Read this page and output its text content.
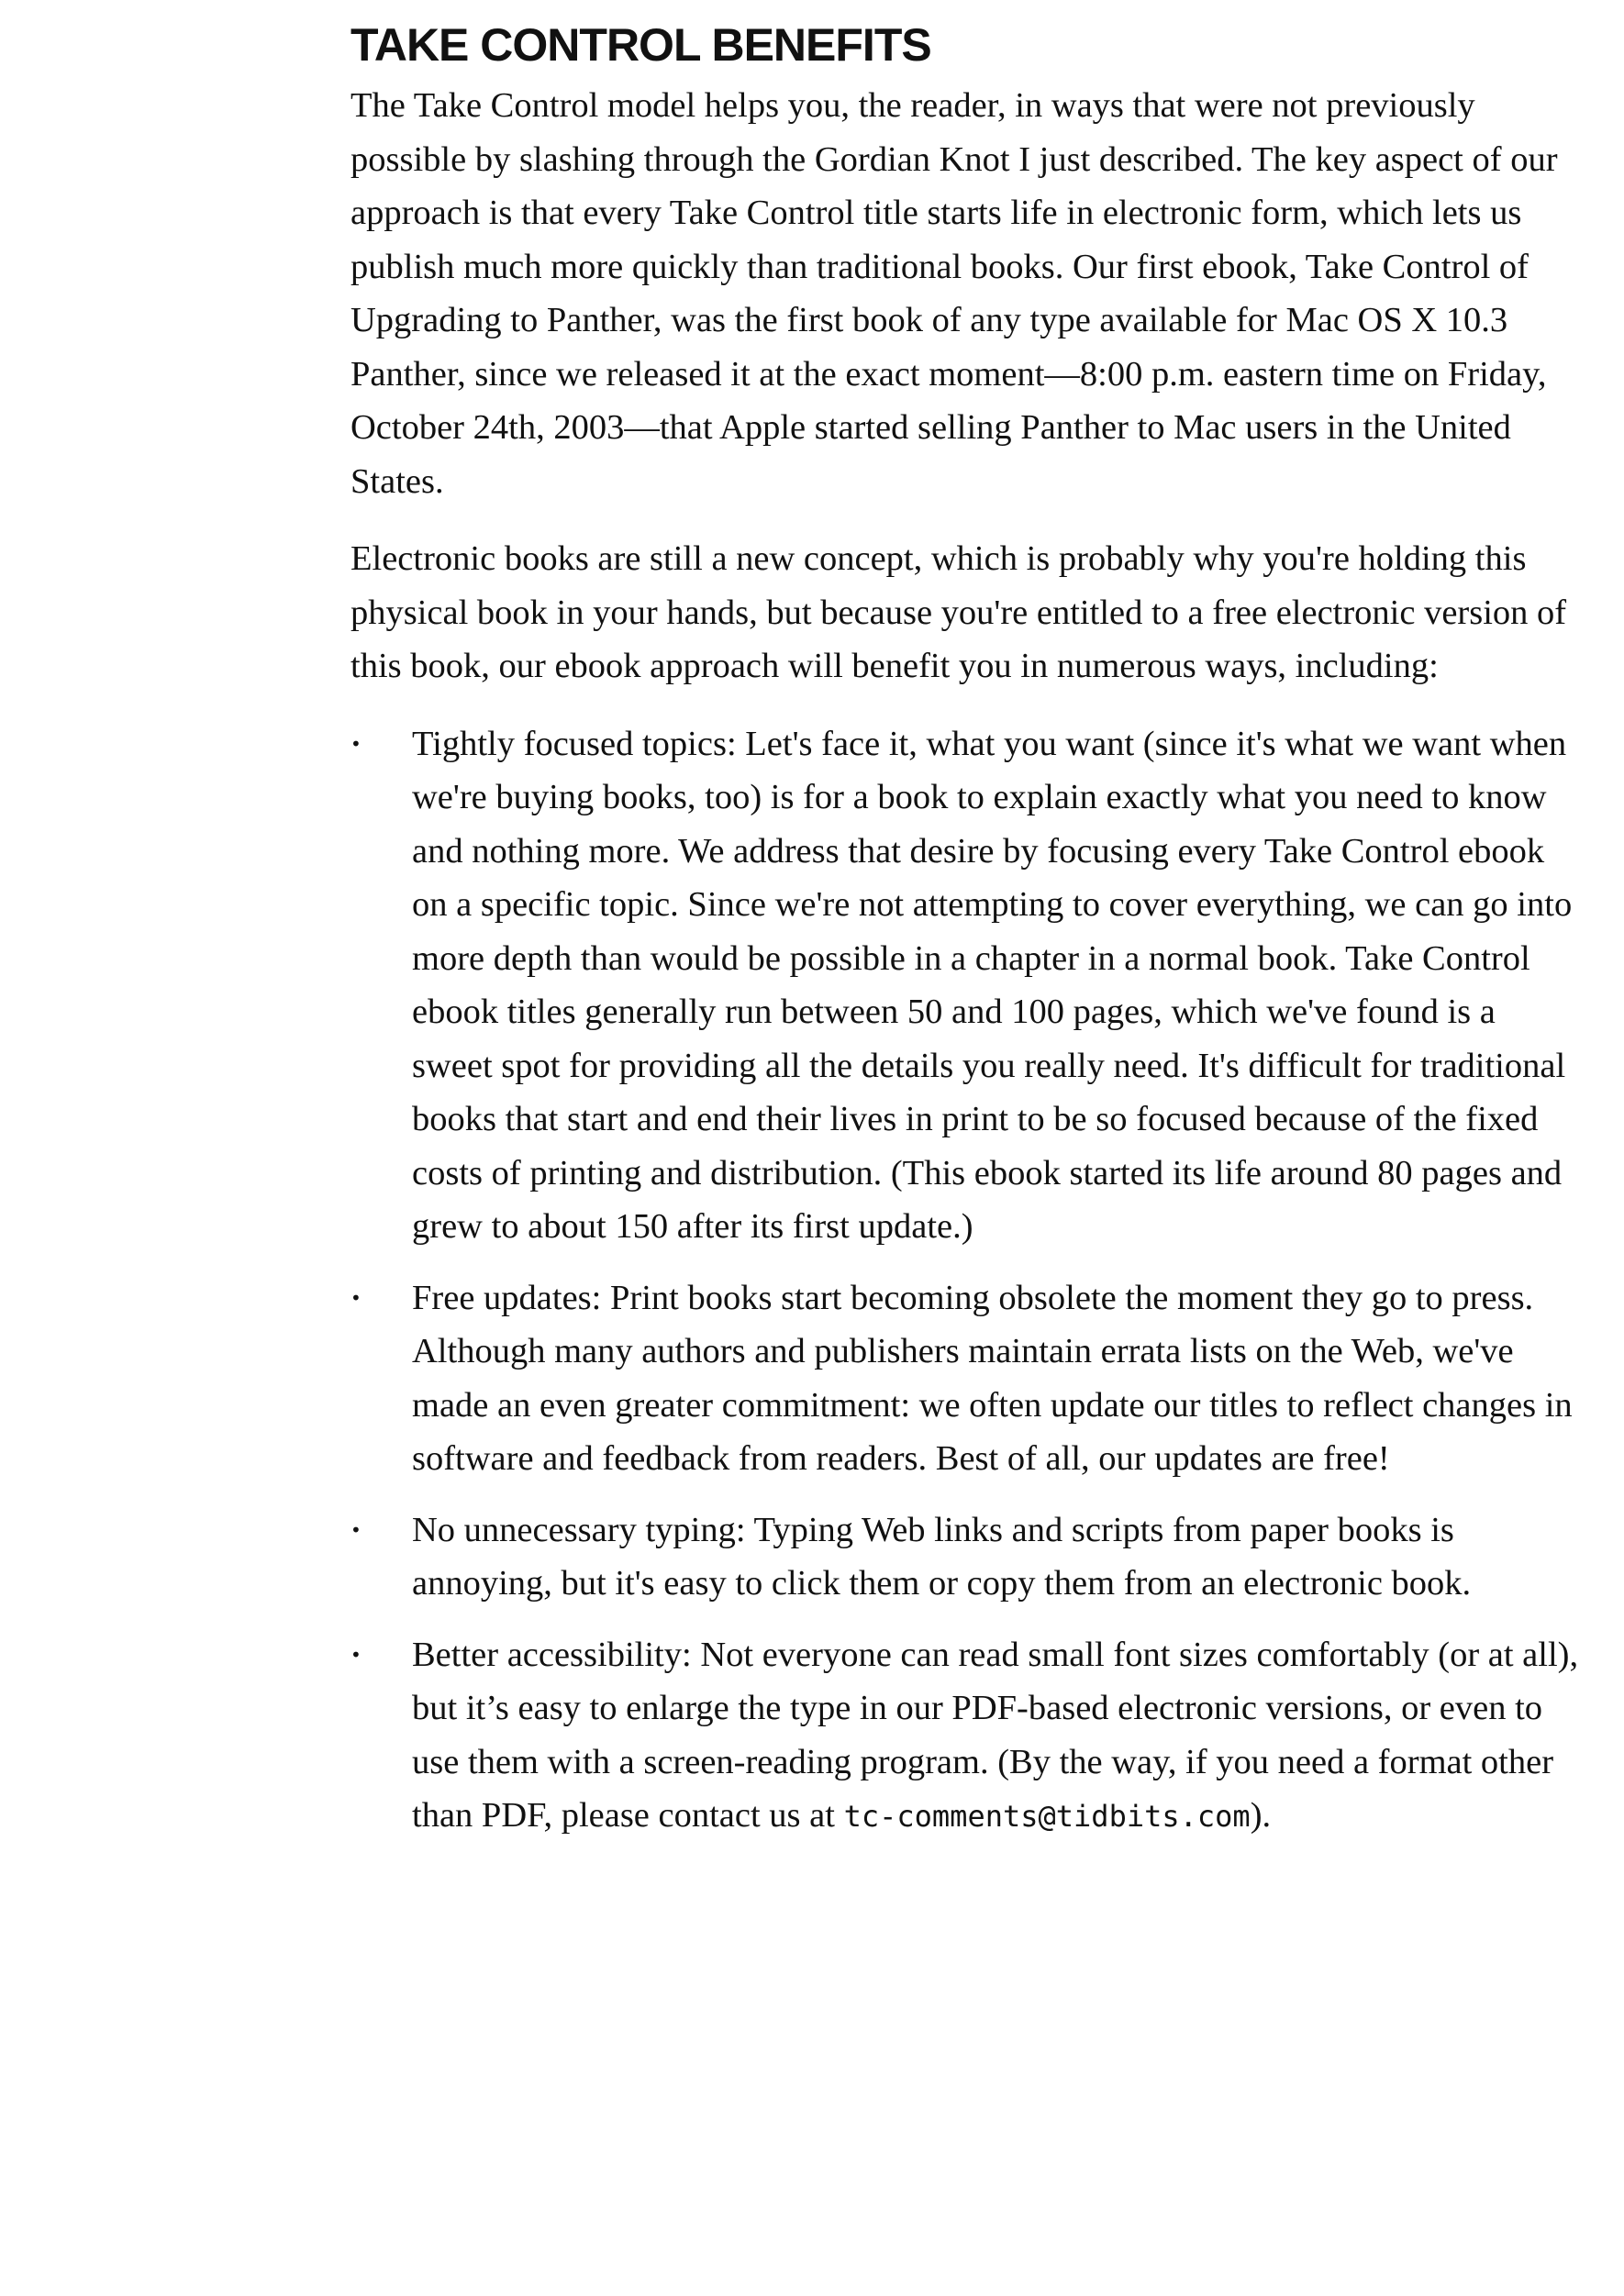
TAKE CONTROL BENEFITS

The Take Control model helps you, the reader, in ways that were not previously possible by slashing through the Gordian Knot I just described. The key aspect of our approach is that every Take Control title starts life in electronic form, which lets us publish much more quickly than traditional books. Our first ebook, Take Control of Upgrading to Panther, was the first book of any type available for Mac OS X 10.3 Panther, since we released it at the exact moment—8:00 p.m. eastern time on Friday, October 24th, 2003—that Apple started selling Panther to Mac users in the United States.

Electronic books are still a new concept, which is probably why you're holding this physical book in your hands, but because you're entitled to a free electronic version of this book, our ebook approach will benefit you in numerous ways, including:

•	Tightly focused topics: Let's face it, what you want (since it's what we want when we're buying books, too) is for a book to explain exactly what you need to know and nothing more. We address that desire by focusing every Take Control ebook on a specific topic. Since we're not attempting to cover everything, we can go into more depth than would be possible in a chapter in a normal book. Take Control ebook titles generally run between 50 and 100 pages, which we've found is a sweet spot for providing all the details you really need. It's difficult for traditional books that start and end their lives in print to be so focused because of the fixed costs of printing and distribution. (This ebook started its life around 80 pages and grew to about 150 after its first update.)
•	Free updates: Print books start becoming obsolete the moment they go to press. Although many authors and publishers maintain errata lists on the Web, we've made an even greater commitment: we often update our titles to reflect changes in software and feedback from readers. Best of all, our updates are free!
•	No unnecessary typing: Typing Web links and scripts from paper books is annoying, but it's easy to click them or copy them from an electronic book.
•	Better accessibility: Not everyone can read small font sizes comfortably (or at all), but it’s easy to enlarge the type in our PDF-based electronic versions, or even to use them with a screen-reading program. (By the way, if you need a format other than PDF, please contact us at tc-comments@tidbits.com).
